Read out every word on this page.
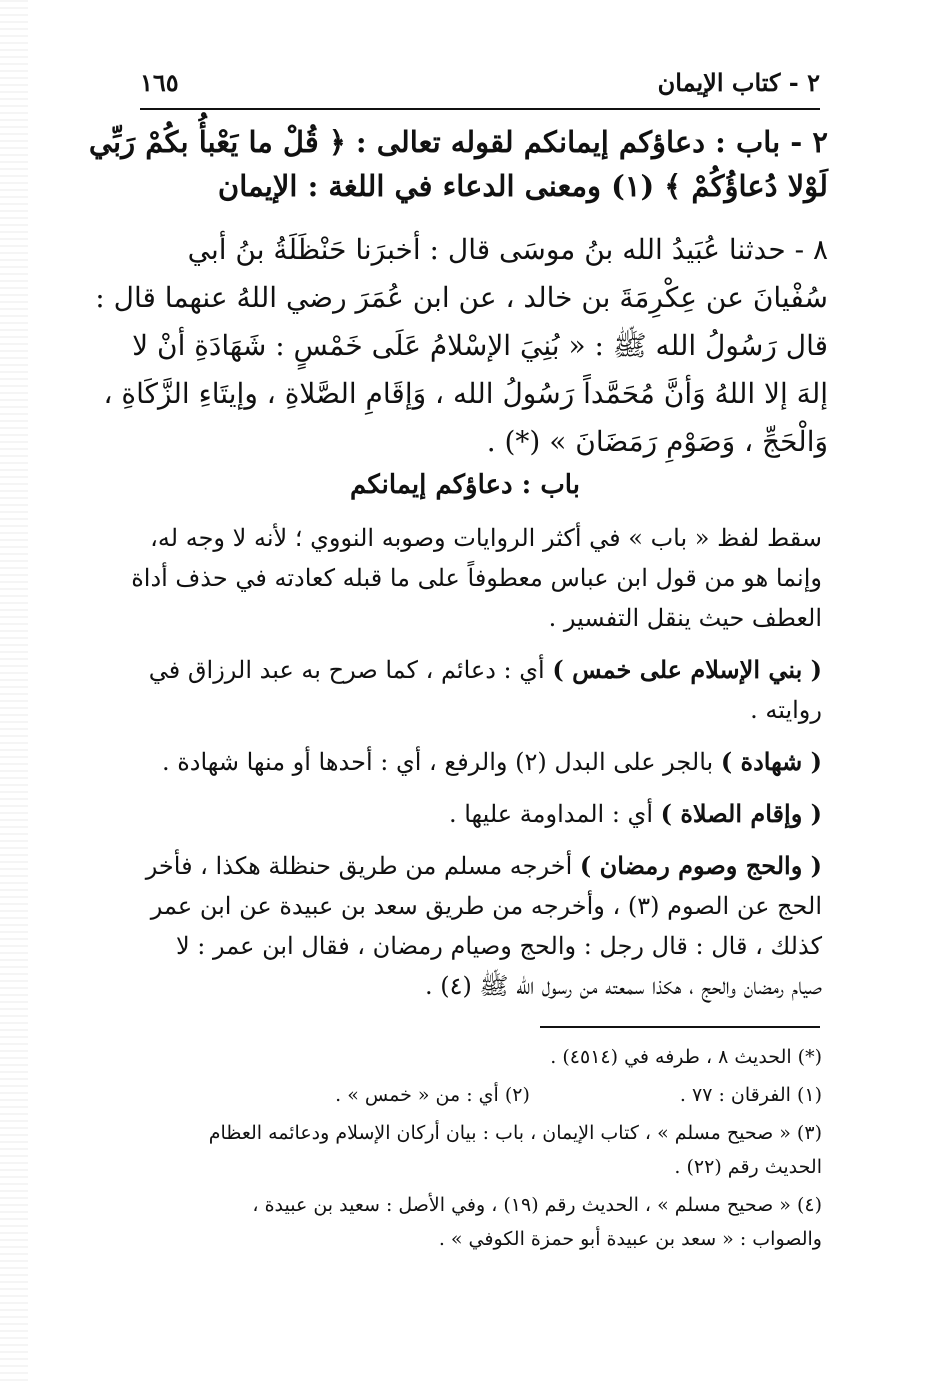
٢ - كتاب الإيمان
١٦٥
٢ - باب : دعاؤكم إيمانكم لقوله تعالى : ﴿ قُلْ ما يَعْبأُ بكُمْ رَبِّي
لَوْلا دُعاؤُكُمْ ﴾ (١) ومعنى الدعاء في اللغة : الإيمان
٨ - حدثنا عُبَيدُ الله بنُ موسَى قال : أخبرَنا حَنْظَلَةُ بنُ أبي
سُفْيانَ عن عِكْرِمَةَ بن خالد ، عن ابن عُمَرَ رضي اللهُ عنهما قال :
قال رَسُولُ الله ﷺ : « بُنِيَ الإسْلامُ عَلَى خَمْسٍ : شَهَادَةِ أنْ لا
إلهَ إلا اللهُ وَأنَّ مُحَمَّداً رَسُولُ الله ، وَإقَامِ الصَّلاةِ ، وإيتَاءِ الزَّكَاةِ ،
وَالْحَجِّ ، وَصَوْمِ رَمَضَانَ » (*) .
باب : دعاؤكم إيمانكم
سقط لفظ « باب » في أكثر الروايات وصوبه النووي ؛ لأنه لا وجه له،
وإنما هو من قول ابن عباس معطوفاً على ما قبله كعادته في حذف أداة
العطف حيث ينقل التفسير .
( بني الإسلام على خمس ) أي : دعائم ، كما صرح به عبد الرزاق في
روايته .
( شهادة ) بالجر على البدل (٢) والرفع ، أي : أحدها أو منها شهادة .
( وإقام الصلاة ) أي : المداومة عليها .
( والحج وصوم رمضان ) أخرجه مسلم من طريق حنظلة هكذا ، فأخر
الحج عن الصوم (٣) ، وأخرجه من طريق سعد بن عبيدة عن ابن عمر
كذلك ، قال : قال رجل : والحج وصيام رمضان ، فقال ابن عمر : لا
صيام رمضان والحج ، هكذا سمعته من رسول الله ﷺ (٤) .
(*) الحديث ٨ ، طرفه في (٤٥١٤) .
(١) الفرقان : ٧٧ .
(٢) أي : من « خمس » .
(٣) « صحيح مسلم » ، كتاب الإيمان ، باب : بيان أركان الإسلام ودعائمه العظام
الحديث رقم (٢٢) .
(٤) « صحيح مسلم » ، الحديث رقم (١٩) ، وفي الأصل : سعيد بن عبيدة ،
والصواب : « سعد بن عبيدة أبو حمزة الكوفي » .
